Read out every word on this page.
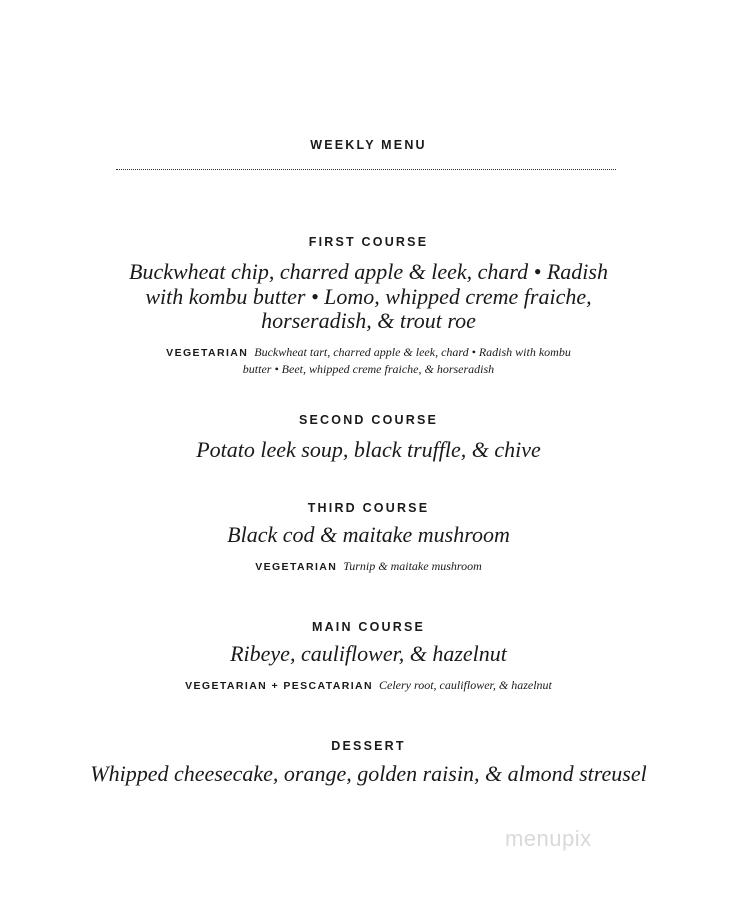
WEEKLY MENU
FIRST COURSE
Buckwheat chip, charred apple & leek, chard • Radish with kombu butter • Lomo, whipped creme fraiche, horseradish, & trout roe
VEGETARIAN Buckwheat tart, charred apple & leek, chard • Radish with kombu butter • Beet, whipped creme fraiche, & horseradish
SECOND COURSE
Potato leek soup, black truffle, & chive
THIRD COURSE
Black cod & maitake mushroom
VEGETARIAN Turnip & maitake mushroom
MAIN COURSE
Ribeye, cauliflower, & hazelnut
VEGETARIAN + PESCATARIAN Celery root, cauliflower, & hazelnut
DESSERT
Whipped cheesecake, orange, golden raisin, & almond streusel
menupix
